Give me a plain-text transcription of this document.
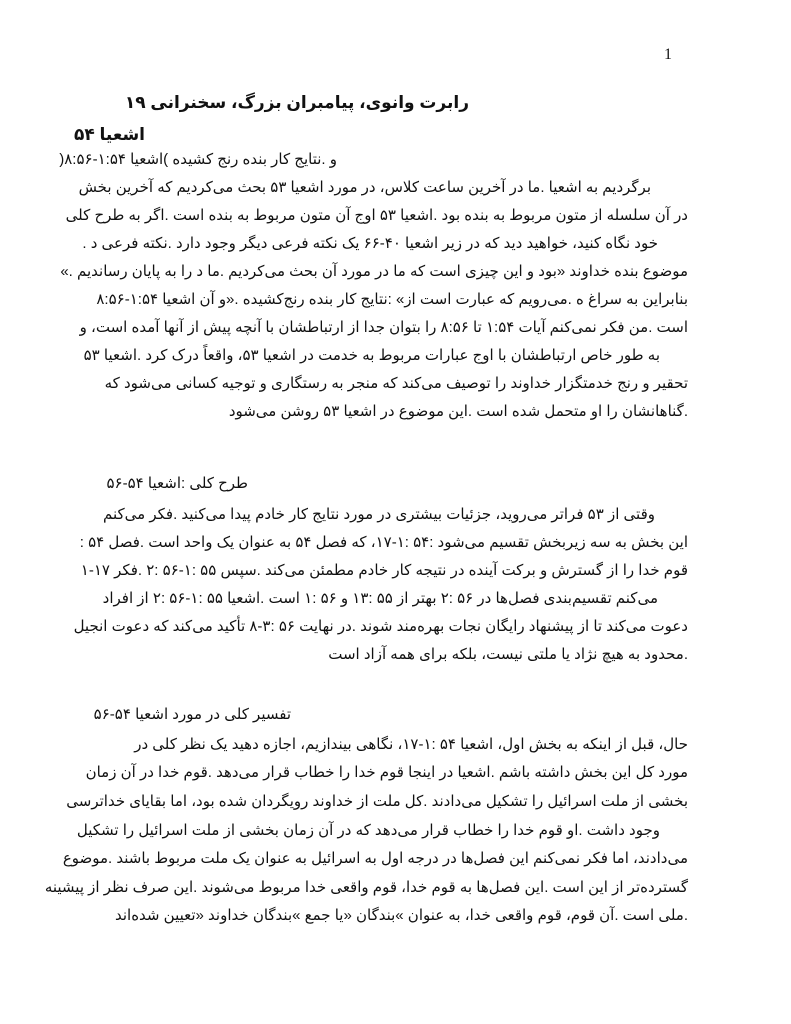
1
رابرت وانوی، پیامبران بزرگ، سخنرانی ۱۹
اشعیا ۵۴
و .نتایج کار بنده رنج کشیده )اشعیا ۱:۵۴-۸:۵۶(
برگردیم به اشعیا .ما در آخرین ساعت کلاس، در مورد اشعیا ۵۳ بحث می‌کردیم که آخرین بخش
در آن سلسله از متون مربوط به بنده بود .اشعیا ۵۳ اوج آن متون مربوط به بنده است .اگر به طرح کلی
خود نگاه کنید، خواهید دید که در زیر اشعیا ۴۰-۶۶ یک نکته فرعی دیگر وجود دارد .نکته فرعی د .
موضوع بنده خداوند «بود و این چیزی است که ما در مورد آن بحث می‌کردیم .ما د را به پایان رساندیم .»
بنابراین به سراغ ه .می‌رویم که عبارت است از» :نتایج کار بنده رنج‌کشیده .«و آن اشعیا ۱:۵۴-۸:۵۶
است .من فکر نمی‌کنم آیات ۱:۵۴ تا ۸:۵۶ را بتوان جدا از ارتباطشان با آنچه پیش از آنها آمده است، و
به طور خاص ارتباطشان با اوج عبارات مربوط به خدمت در اشعیا ۵۳، واقعاً درک کرد .اشعیا ۵۳
تحقیر و رنج خدمتگزار خداوند را توصیف می‌کند که منجر به رستگاری و توجیه کسانی می‌شود که
.گناهانشان را او متحمل شده است .این موضوع در اشعیا ۵۳ روشن می‌شود
طرح کلی :اشعیا ۵۴-۵۶
وقتی از ۵۳ فراتر می‌روید، جزئیات بیشتری در مورد نتایج کار خادم پیدا می‌کنید .فکر می‌کنم
این بخش به سه زیربخش تقسیم می‌شود :۵۴ :۱-۱۷، که فصل ۵۴ به عنوان یک واحد است .فصل ۵۴ :
قوم خدا را از گسترش و برکت آینده در نتیجه کار خادم مطمئن می‌کند .سپس ۵۵ :۱-۵۶ :۲ .فکر ۱۷-۱
می‌کنم تقسیم‌بندی فصل‌ها در ۵۶ :۲ بهتر از ۵۵ :۱۳ و ۵۶ :۱ است .اشعیا ۵۵ :۱-۵۶ :۲ از افراد
دعوت می‌کند تا از پیشنهاد رایگان نجات بهره‌مند شوند .در نهایت ۵۶ :۳-۸ تأکید می‌کند که دعوت انجیل
.محدود به هیچ نژاد یا ملتی نیست، بلکه برای همه آزاد است
تفسیر کلی در مورد اشعیا ۵۴-۵۶
حال، قبل از اینکه به بخش اول، اشعیا ۵۴ :۱-۱۷، نگاهی بیندازیم، اجازه دهید یک نظر کلی در
مورد کل این بخش داشته باشم .اشعیا در اینجا قوم خدا را خطاب قرار می‌دهد .قوم خدا در آن زمان
بخشی از ملت اسرائیل را تشکیل می‌دادند .کل ملت از خداوند رویگردان شده بود، اما بقایای خداترسی
وجود داشت .او قوم خدا را خطاب قرار می‌دهد که در آن زمان بخشی از ملت اسرائیل را تشکیل
می‌دادند، اما فکر نمی‌کنم این فصل‌ها در درجه اول به اسرائیل به عنوان یک ملت مربوط باشند .موضوع
گسترده‌تر از این است .این فصل‌ها به قوم خدا، قوم واقعی خدا مربوط می‌شوند .این صرف نظر از پیشینه
.ملی است .آن قوم، قوم واقعی خدا، به عنوان »بندگان «یا جمع »بندگان خداوند «تعیین شده‌اند
